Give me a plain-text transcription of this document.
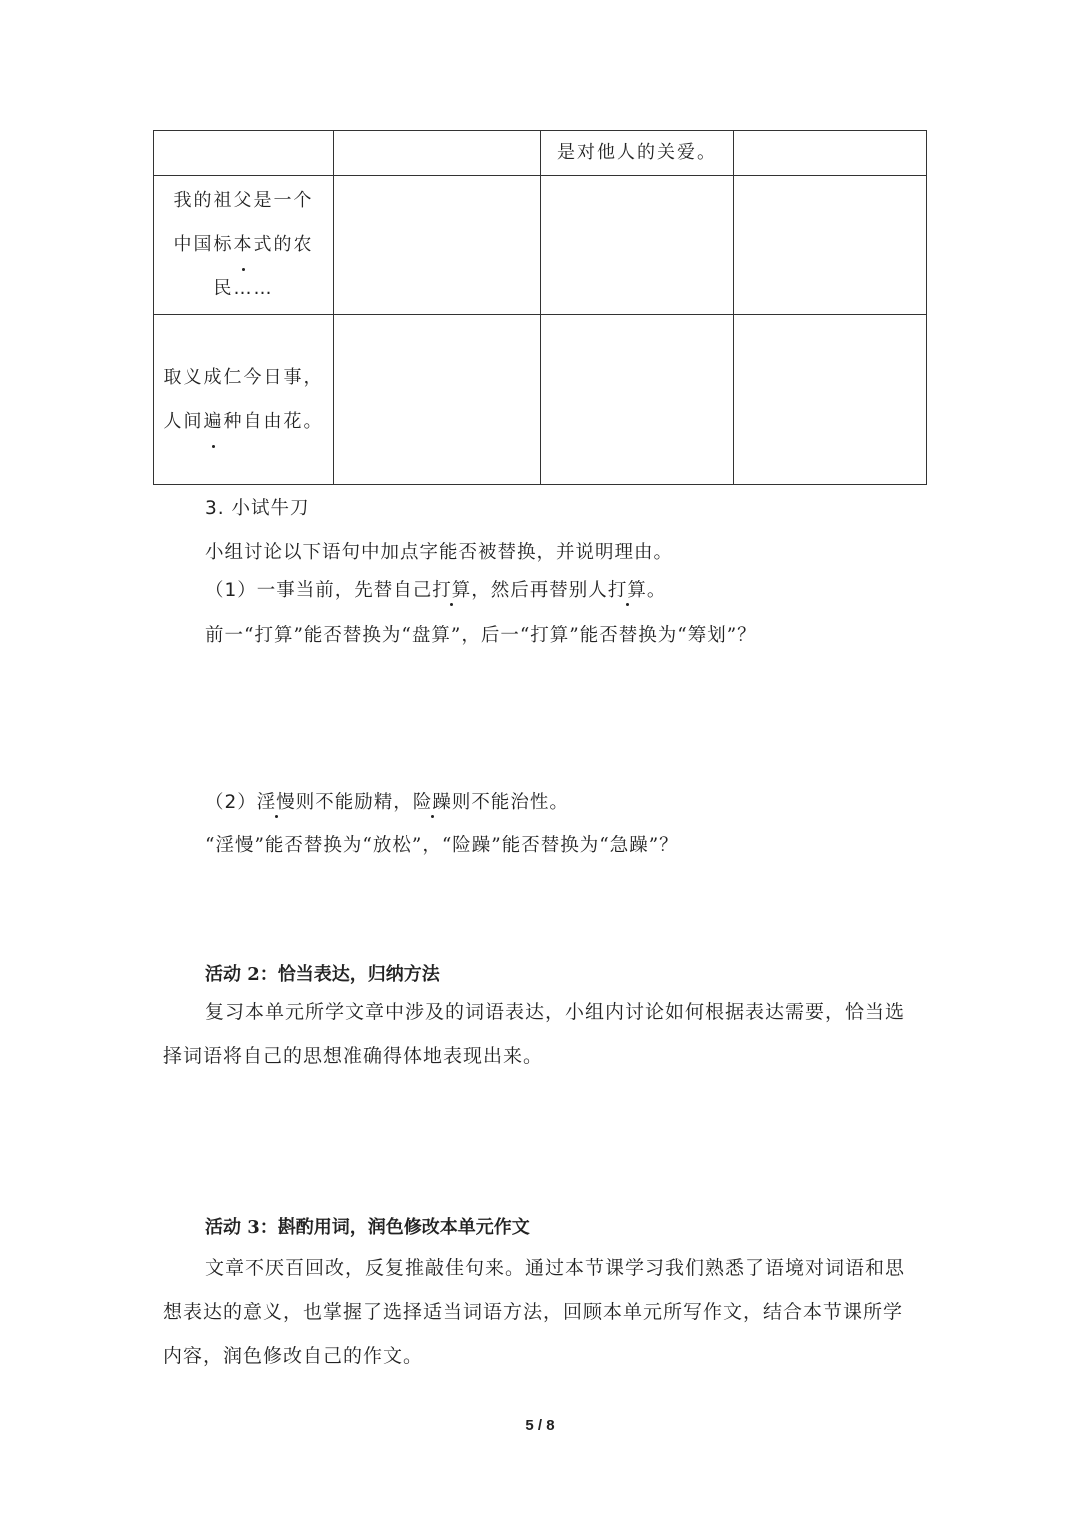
		是对他人的关爱。	

我的祖父是一个
中国标本式的农
民……			

取义成仁今日事，
人间遍种自由花。			

3. 小试牛刀
小组讨论以下语句中加点字能否被替换，并说明理由。
（1）一事当前，先替自己打算，然后再替别人打算。
前一“打算”能否替换为“盘算”，后一“打算”能否替换为“筹划”？
（2）淫慢则不能励精，险躁则不能治性。
“淫慢”能否替换为“放松”，“险躁”能否替换为“急躁”？
活动 2：恰当表达，归纳方法
复习本单元所学文章中涉及的词语表达，小组内讨论如何根据表达需要，恰当选择词语将自己的思想准确得体地表现出来。
活动 3：斟酌用词，润色修改本单元作文
文章不厌百回改，反复推敲佳句来。通过本节课学习我们熟悉了语境对词语和思想表达的意义，也掌握了选择适当词语方法，回顾本单元所写作文，结合本节课所学内容，润色修改自己的作文。
5 / 8
